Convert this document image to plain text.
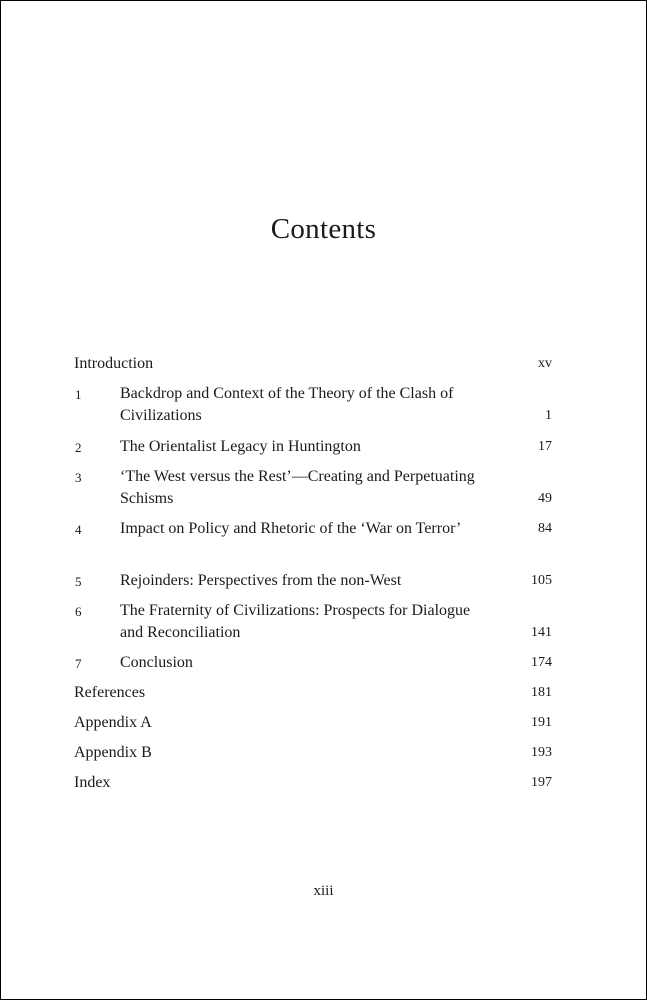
Contents
Introduction	xv
1 Backdrop and Context of the Theory of the Clash of Civilizations	1
2 The Orientalist Legacy in Huntington	17
3 ‘The West versus the Rest’—Creating and Perpetuating Schisms	49
4 Impact on Policy and Rhetoric of the ‘War on Terror’	84
5 Rejoinders: Perspectives from the non-West	105
6 The Fraternity of Civilizations: Prospects for Dialogue and Reconciliation	141
7 Conclusion	174
References	181
Appendix A	191
Appendix B	193
Index	197
xiii
